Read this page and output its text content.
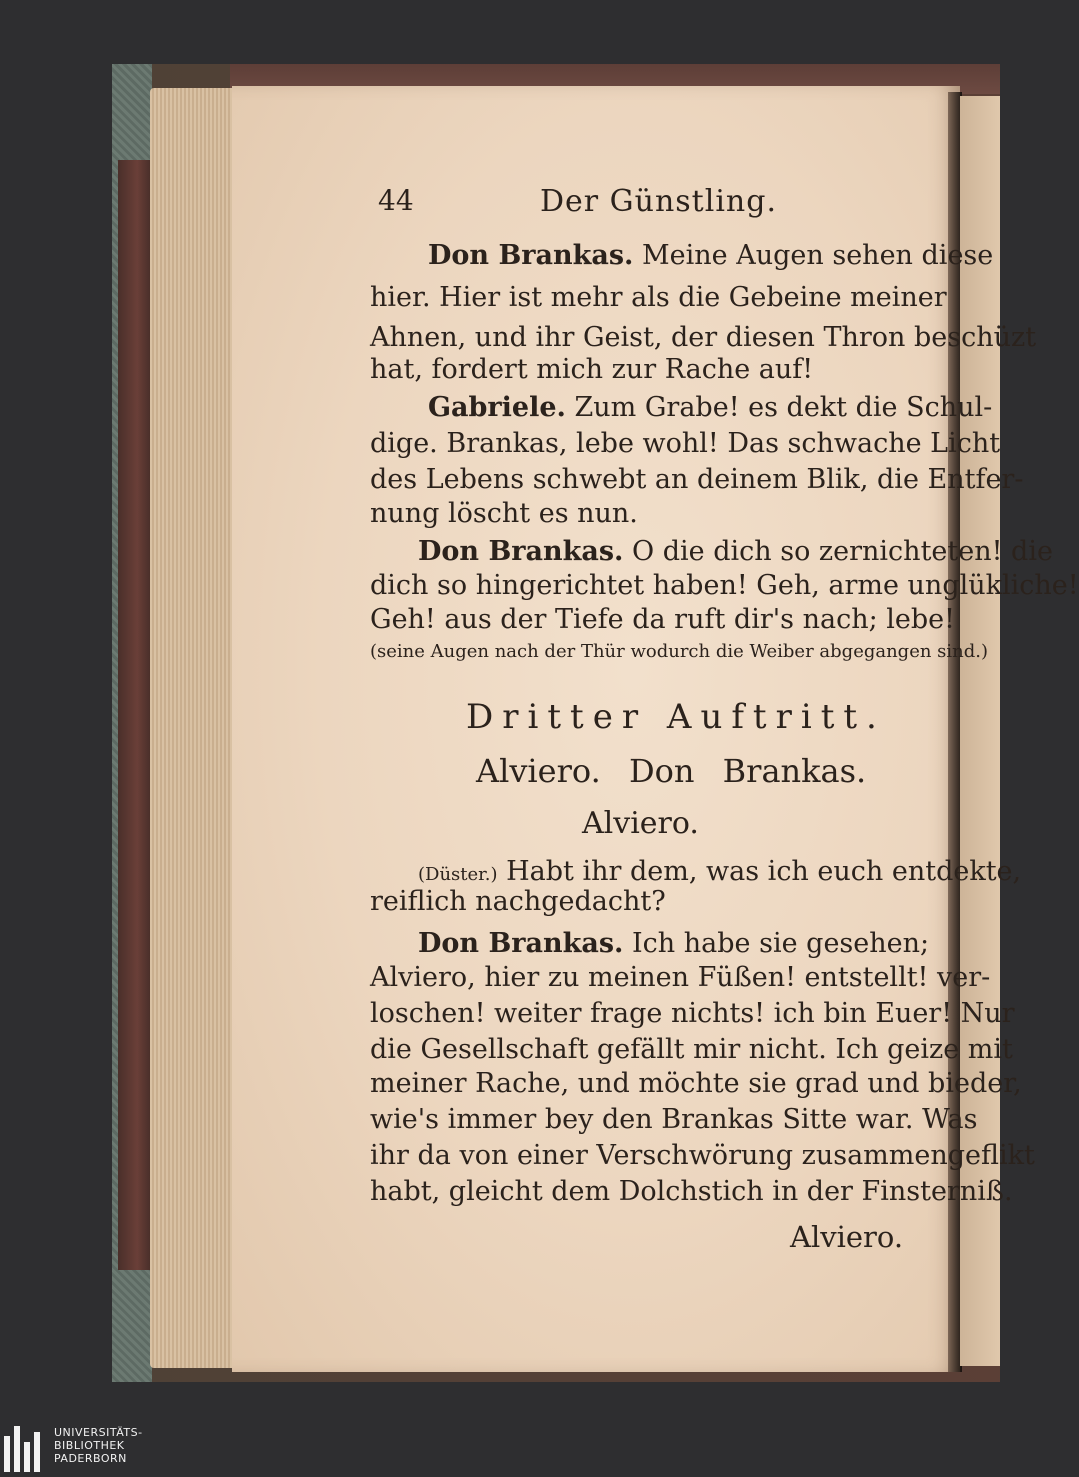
44	Der Günstling.
Don Brankas. Meine Augen sehen diese
hier. Hier ist mehr als die Gebeine meiner
Ahnen, und ihr Geist, der diesen Thron beschüzt
hat, fordert mich zur Rache auf!
Gabriele. Zum Grabe! es dekt die Schul-
dige. Brankas, lebe wohl! Das schwache Licht
des Lebens schwebt an deinem Blik, die Entfer-
nung löscht es nun.
Don Brankas. O die dich so zernichteten! die
dich so hingerichtet haben! Geh, arme unglükliche!
Geh! aus der Tiefe da ruft dir's nach; lebe!
(seine Augen nach der Thür wodurch die Weiber abgegangen sind.)
Dritter Auftritt.
Alviero. Don Brankas.
Alviero.
(Düster.) Habt ihr dem, was ich euch entdekte,
reiflich nachgedacht?
Don Brankas. Ich habe sie gesehen;
Alviero, hier zu meinen Füßen! entstellt! ver-
loschen! weiter frage nichts! ich bin Euer! Nur
die Gesellschaft gefällt mir nicht. Ich geize mit
meiner Rache, und möchte sie grad und bieder,
wie's immer bey den Brankas Sitte war. Was
ihr da von einer Verschwörung zusammengeflikt
habt, gleicht dem Dolchstich in der Finsterniß.
Alviero.
UNIVERSITÄTS-
BIBLIOTHEK
PADERBORN
